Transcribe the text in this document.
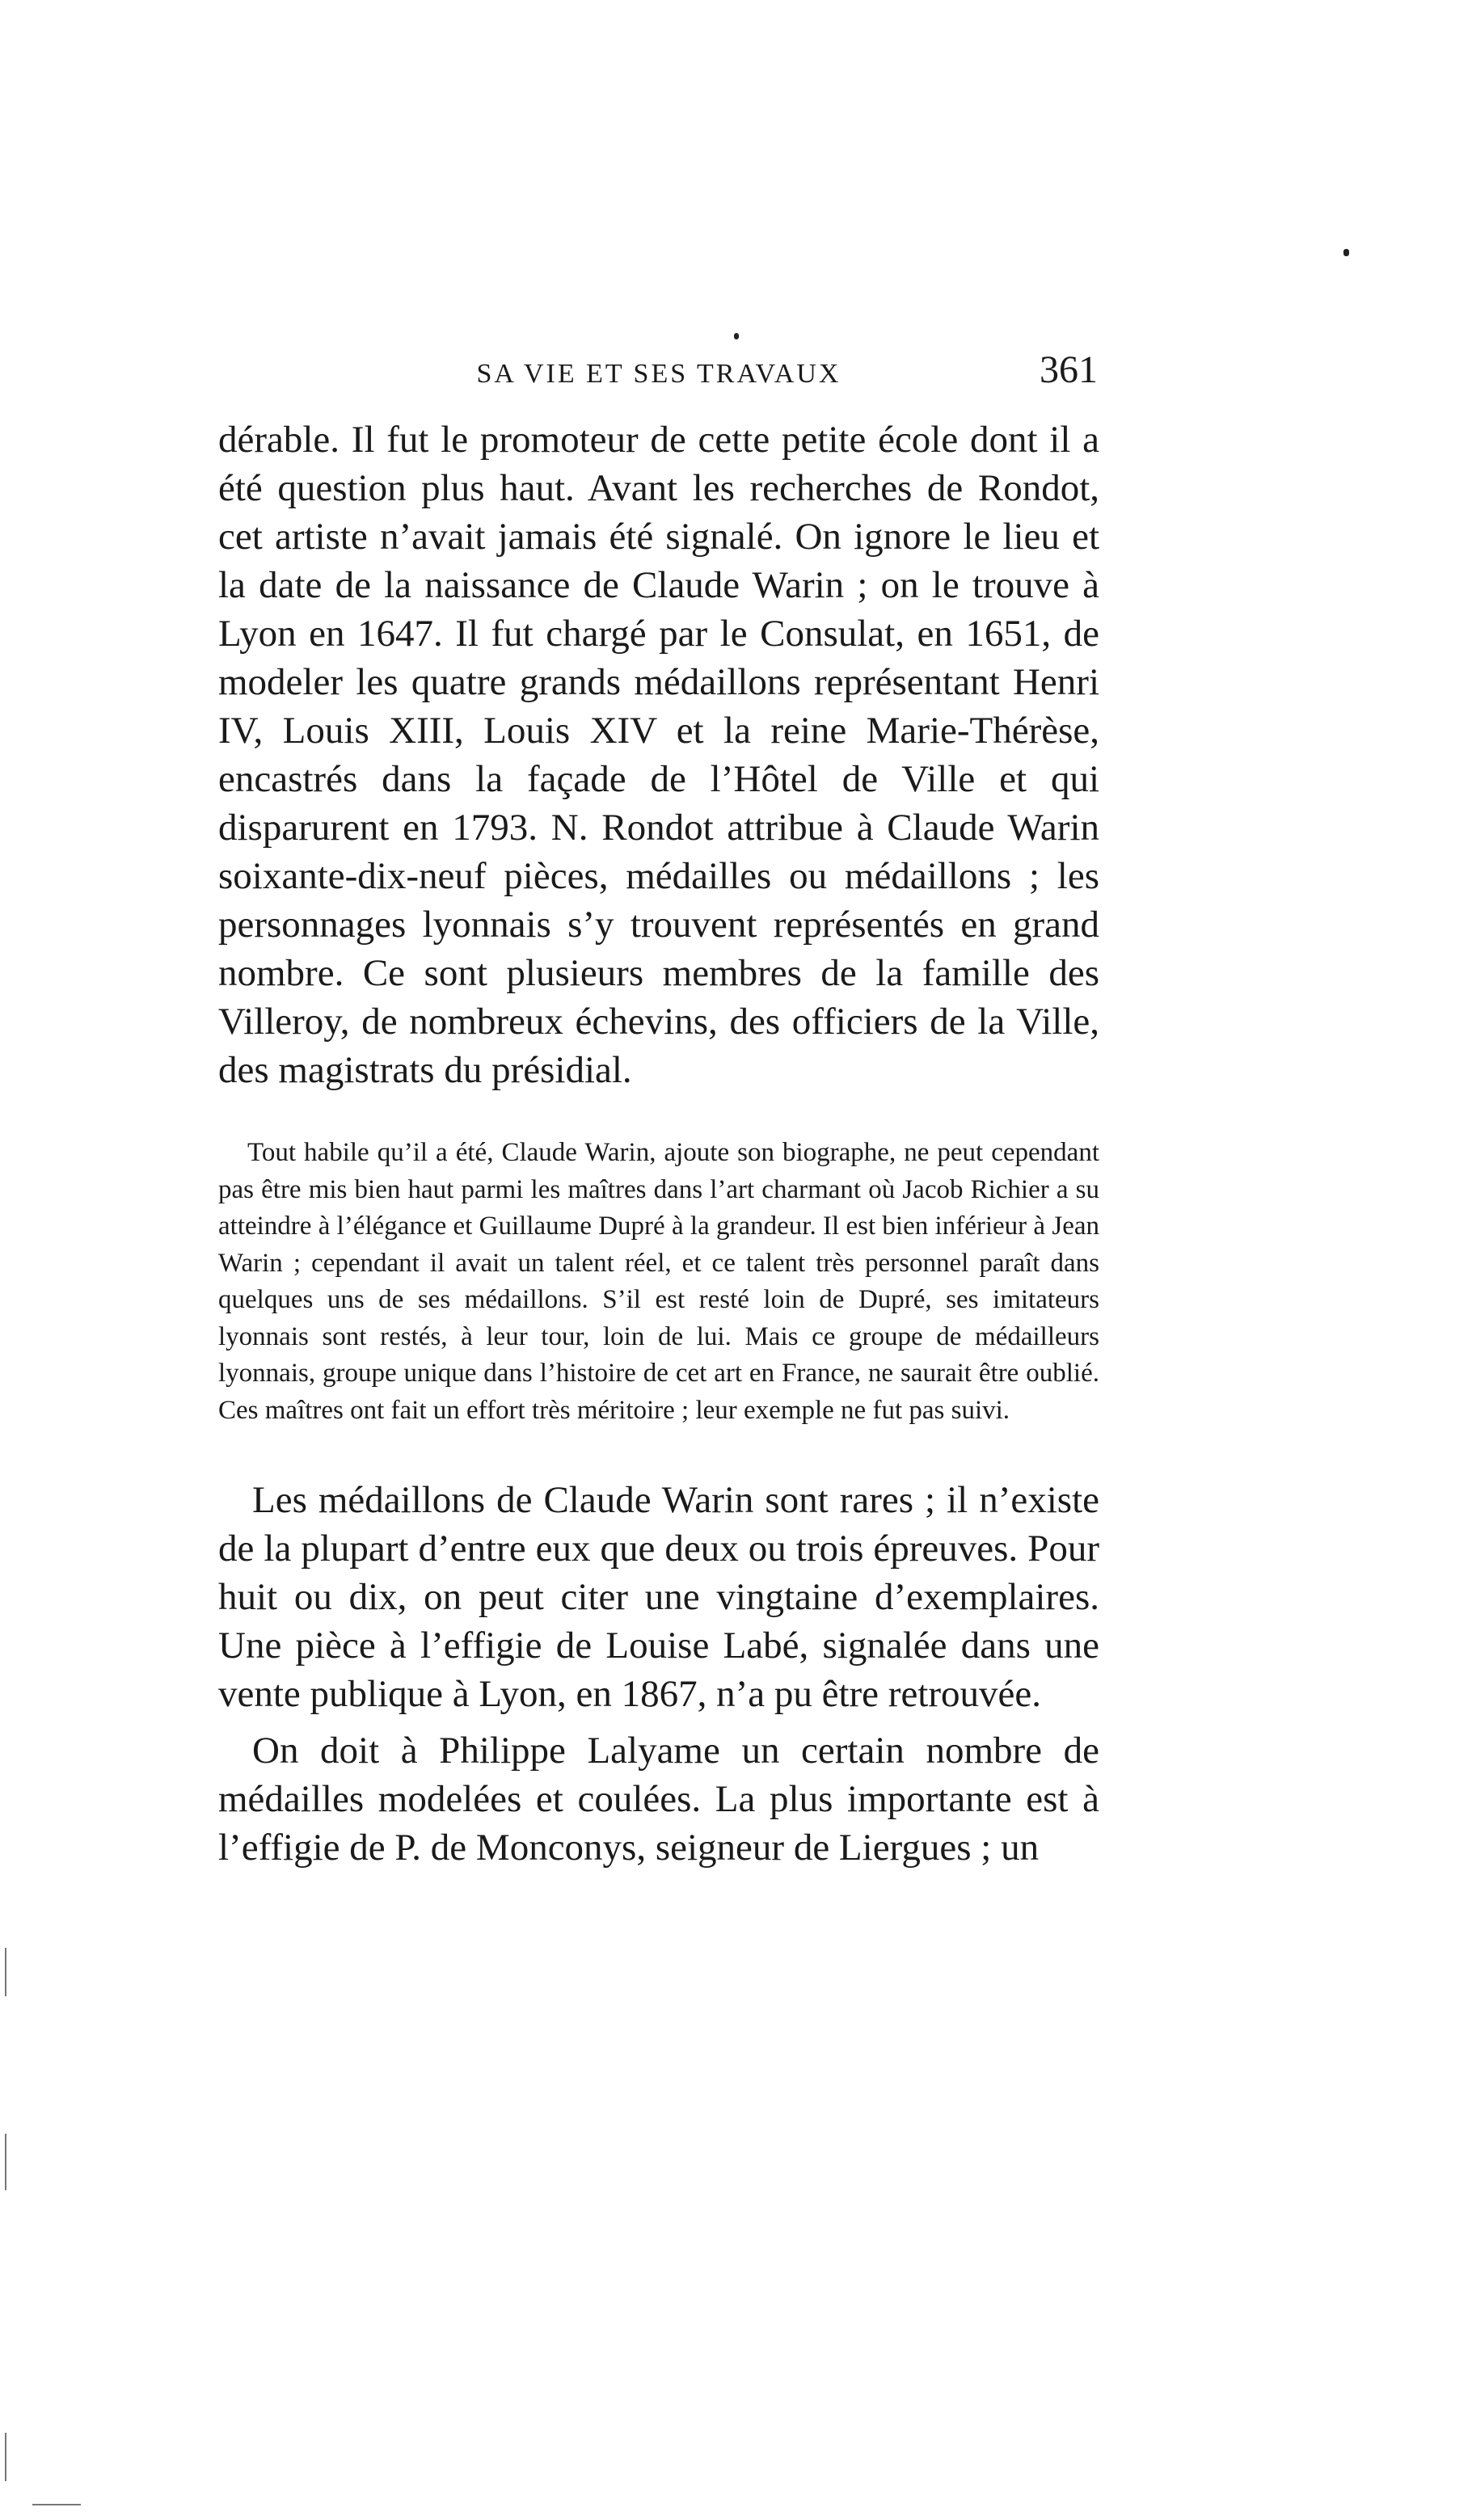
SA VIE ET SES TRAVAUX	361

dérable. Il fut le promoteur de cette petite école dont il a été question plus haut. Avant les recherches de Rondot, cet artiste n’avait jamais été signalé. On ignore le lieu et la date de la naissance de Claude Warin ; on le trouve à Lyon en 1647. Il fut chargé par le Consulat, en 1651, de modeler les quatre grands médaillons représentant Henri IV, Louis XIII, Louis XIV et la reine Marie-Thérèse, encastrés dans la façade de l’Hôtel de Ville et qui disparurent en 1793. N. Rondot attribue à Claude Warin soixante-dix-neuf pièces, médailles ou médaillons ; les personnages lyonnais s’y trouvent représentés en grand nombre. Ce sont plusieurs membres de la famille des Villeroy, de nombreux échevins, des officiers de la Ville, des magistrats du présidial.

Tout habile qu’il a été, Claude Warin, ajoute son biographe, ne peut cependant pas être mis bien haut parmi les maîtres dans l’art charmant où Jacob Richier a su atteindre à l’élégance et Guillaume Dupré à la grandeur. Il est bien inférieur à Jean Warin ; cependant il avait un talent réel, et ce talent très personnel paraît dans quelques uns de ses médaillons. S’il est resté loin de Dupré, ses imitateurs lyonnais sont restés, à leur tour, loin de lui. Mais ce groupe de médailleurs lyonnais, groupe unique dans l’histoire de cet art en France, ne saurait être oublié. Ces maîtres ont fait un effort très méritoire ; leur exemple ne fut pas suivi.

Les médaillons de Claude Warin sont rares ; il n’existe de la plupart d’entre eux que deux ou trois épreuves. Pour huit ou dix, on peut citer une vingtaine d’exemplaires. Une pièce à l’effigie de Louise Labé, signalée dans une vente publique à Lyon, en 1867, n’a pu être retrouvée.

On doit à Philippe Lalyame un certain nombre de médailles modelées et coulées. La plus importante est à l’effigie de P. de Monconys, seigneur de Liergues ; un
